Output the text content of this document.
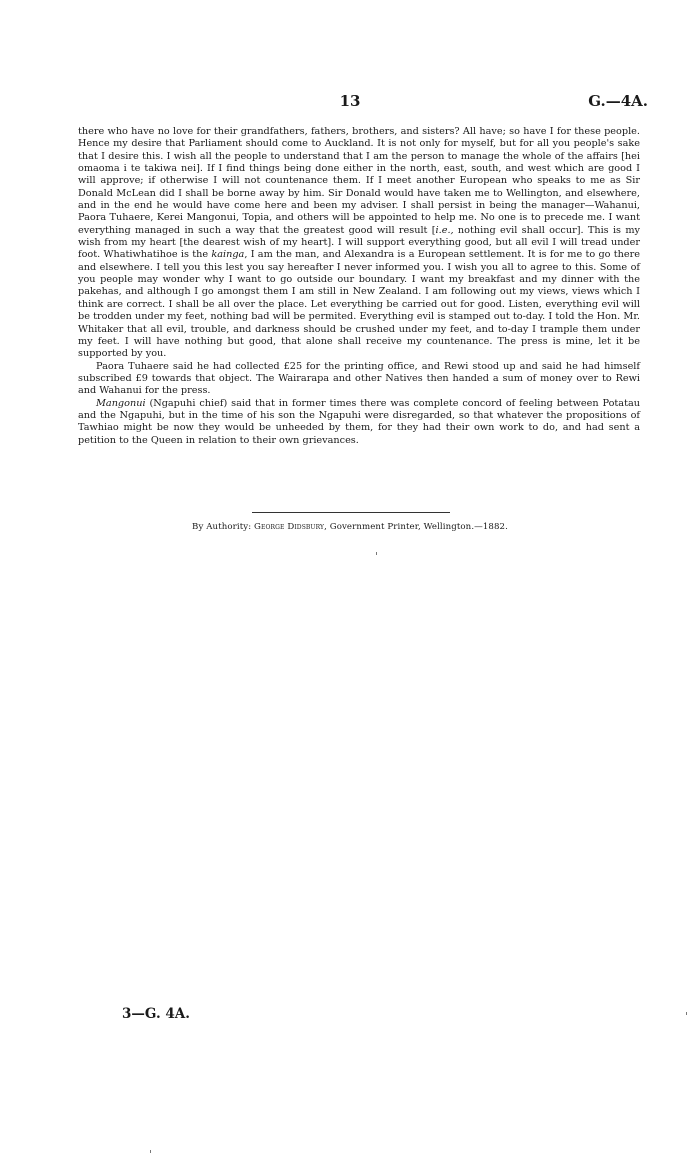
13	G.—4A.

there who have no love for their grandfathers, fathers, brothers, and sisters? All have; so have I for these people. Hence my desire that Parliament should come to Auckland. It is not only for myself, but for all you people's sake that I desire this. I wish all the people to understand that I am the person to manage the whole of the affairs [hei omaoma i te takiwa nei]. If I find things being done either in the north, east, south, and west which are good I will approve; if otherwise I will not countenance them. If I meet another European who speaks to me as Sir Donald McLean did I shall be borne away by him. Sir Donald would have taken me to Wellington, and elsewhere, and in the end he would have come here and been my adviser. I shall persist in being the manager—Wahanui, Paora Tuhaere, Kerei Mangonui, Topia, and others will be appointed to help me. No one is to precede me. I want everything managed in such a way that the greatest good will result [i.e., nothing evil shall occur]. This is my wish from my heart [the dearest wish of my heart]. I will support everything good, but all evil I will tread under foot. Whatiwhatihoe is the kainga, I am the man, and Alexandra is a European settlement. It is for me to go there and elsewhere. I tell you this lest you say hereafter I never informed you. I wish you all to agree to this. Some of you people may wonder why I want to go outside our boundary. I want my breakfast and my dinner with the pakehas, and although I go amongst them I am still in New Zealand. I am following out my views, views which I think are correct. I shall be all over the place. Let everything be carried out for good. Listen, everything evil will be trodden under my feet, nothing bad will be permited. Everything evil is stamped out to-day. I told the Hon. Mr. Whitaker that all evil, trouble, and darkness should be crushed under my feet, and to-day I trample them under my feet. I will have nothing but good, that alone shall receive my countenance. The press is mine, let it be supported by you.

Paora Tuhaere said he had collected £25 for the printing office, and Rewi stood up and said he had himself subscribed £9 towards that object. The Wairarapa and other Natives then handed a sum of money over to Rewi and Wahanui for the press.

Mangonui (Ngapuhi chief) said that in former times there was complete concord of feeling between Potatau and the Ngapuhi, but in the time of his son the Ngapuhi were disregarded, so that whatever the propositions of Tawhiao might be now they would be unheeded by them, for they had their own work to do, and had sent a petition to the Queen in relation to their own grievances.

By Authority: George Didsbury, Government Printer, Wellington.—1882.
3—G. 4A.
